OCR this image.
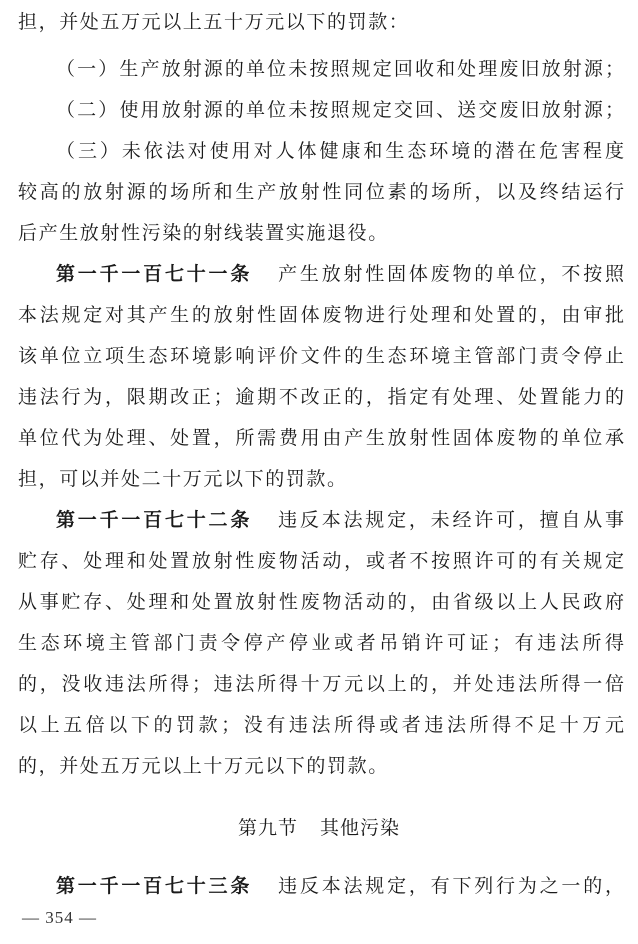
担，并处五万元以上五十万元以下的罚款：
（一）生产放射源的单位未按照规定回收和处理废旧放射源；
（二）使用放射源的单位未按照规定交回、送交废旧放射源；
（三）未依法对使用对人体健康和生态环境的潜在危害程度
较高的放射源的场所和生产放射性同位素的场所，以及终结运行
后产生放射性污染的射线装置实施退役。
第一千一百七十一条 产生放射性固体废物的单位，不按照
本法规定对其产生的放射性固体废物进行处理和处置的，由审批
该单位立项生态环境影响评价文件的生态环境主管部门责令停止
违法行为，限期改正；逾期不改正的，指定有处理、处置能力的
单位代为处理、处置，所需费用由产生放射性固体废物的单位承
担，可以并处二十万元以下的罚款。
第一千一百七十二条 违反本法规定，未经许可，擅自从事
贮存、处理和处置放射性废物活动，或者不按照许可的有关规定
从事贮存、处理和处置放射性废物活动的，由省级以上人民政府
生态环境主管部门责令停产停业或者吊销许可证；有违法所得
的，没收违法所得；违法所得十万元以上的，并处违法所得一倍
以上五倍以下的罚款；没有违法所得或者违法所得不足十万元
的，并处五万元以上十万元以下的罚款。
第九节 其他污染
第一千一百七十三条 违反本法规定，有下列行为之一的，
— 354 —
